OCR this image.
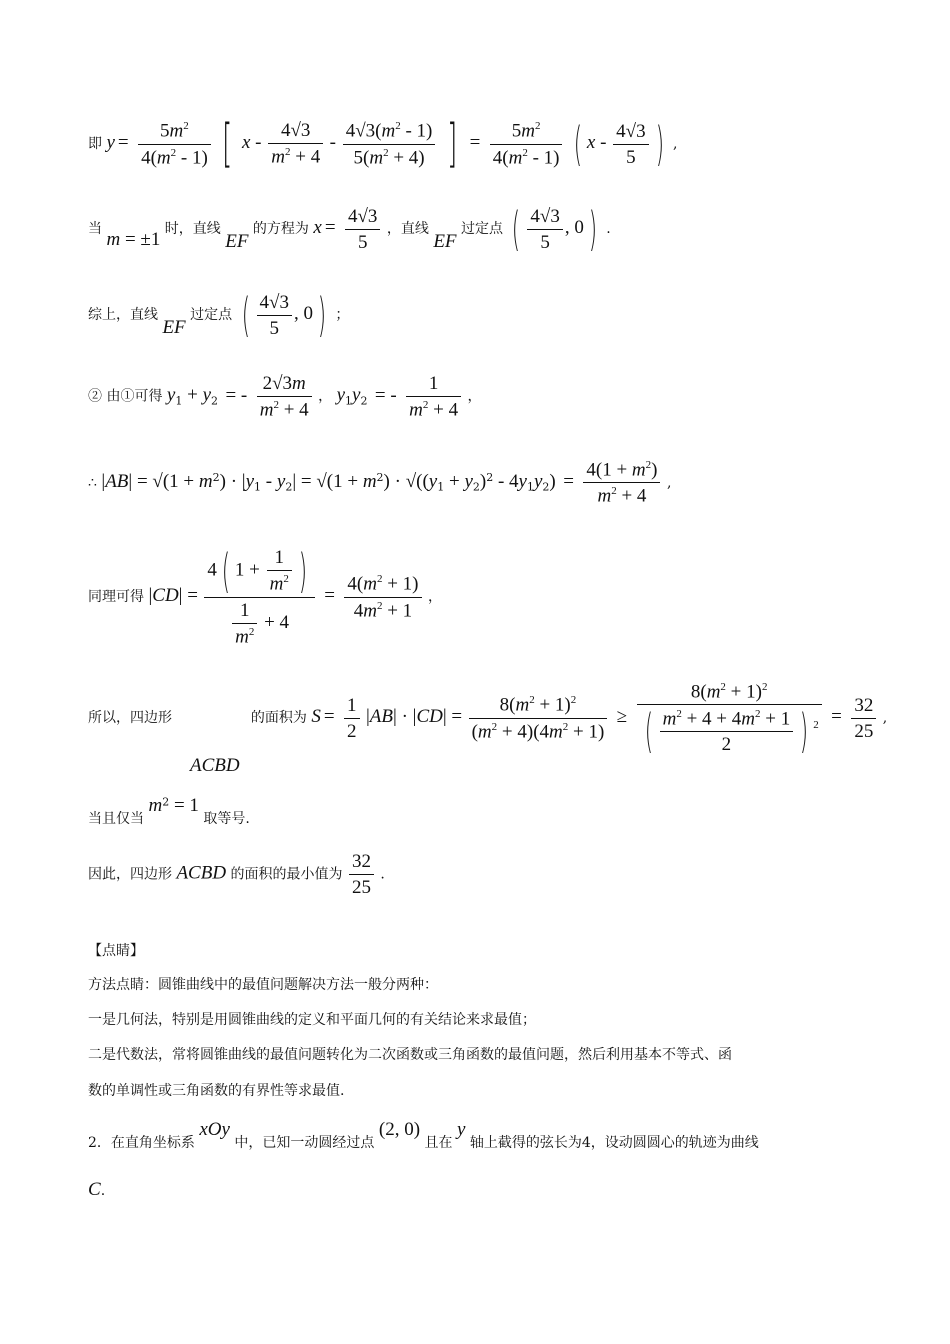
即 $y = \frac{5m^2}{4(m^2 - 1)}$ [ x - $\frac{4√3}{m^2 + 4} - \frac{4√3(m^2 - 1)}{5(m^2 + 4)}$ ] = $\frac{5m^2}{4(m^2 - 1)}$ ( x - $\frac{4√3}{5}$ ) ,
当 m = ±1 时，直线 EF 的方程为 $x = \frac{4√3}{5}$ ，直线 EF 过定点 ( $\frac{4√3}{5}$ , 0 ) .
综上，直线 EF 过定点 ( $\frac{4√3}{5}$ , 0 ) ；
② 由①可得 $y_1 + y_2$ = - $\frac{2√3m}{m^2 + 4}$ ， $y_1y_2$ = - $\frac{1}{m^2 + 4}$ ，
∴ $|AB| = √(1 + m^2) \cdot |y_1 - y_2| = √(1 + m^2) \cdot √((y_1 + y_2)^2 - 4y_1y_2) = \frac{4(1 + m^2)}{m^2 + 4}$ ,
同理可得 $|CD| = \frac{4 ( 1 + \frac{1}{m^2} )}{\frac{1}{m^2} + 4} = \frac{4(m^2 + 1)}{4m^2 + 1}$ ，
所以，四边形	的面积为 $S = \frac{1}{2} |AB| \cdot |CD| = \frac{8(m^2 + 1)^2}{(m^2 + 4)(4m^2 + 1)} \ge \frac{8(m^2 + 1)^2}{( \frac{m^2 + 4 + 4m^2 + 1}{2} ) ^2} = \frac{32}{25}$ ,
ACBD
当且仅当 $m^2 = 1$ 取等号.
因此，四边形 ACBD 的面积的最小值为 $\frac{32}{25}$ .
【点睛】
方法点睛：圆锥曲线中的最值问题解决方法一般分两种：
一是几何法，特别是用圆锥曲线的定义和平面几何的有关结论来求最值；
二是代数法，常将圆锥曲线的最值问题转化为二次函数或三角函数的最值问题，然后利用基本不等式、函
数的单调性或三角函数的有界性等求最值.
2．在直角坐标系 xOy 中，已知一动圆经过点 (2, 0) 且在 y 轴上截得的弦长为4，设动圆圆心的轨迹为曲线
C.
